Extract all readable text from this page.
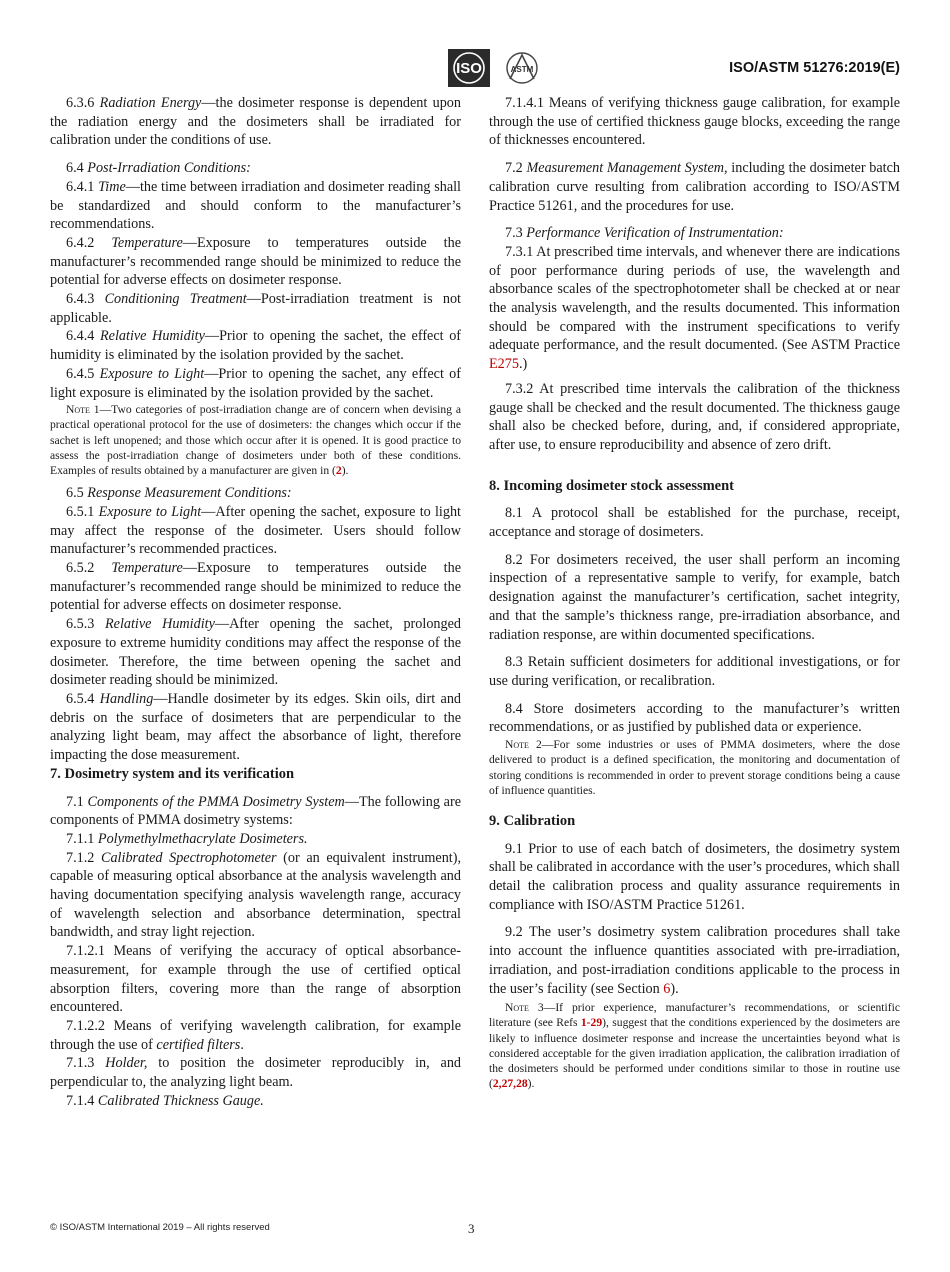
ISO	ASTM	ISO/ASTM 51276:2019(E)

6.3.6 Radiation Energy—the dosimeter response is dependent upon the radiation energy and the dosimeters shall be irradiated for calibration under the conditions of use.

6.4 Post-Irradiation Conditions:

6.4.1 Time—the time between irradiation and dosimeter reading shall be standardized and should conform to the manufacturer’s recommendations.

6.4.2 Temperature—Exposure to temperatures outside the manufacturer’s recommended range should be minimized to reduce the potential for adverse effects on dosimeter response.

6.4.3 Conditioning Treatment—Post-irradiation treatment is not applicable.

6.4.4 Relative Humidity—Prior to opening the sachet, the effect of humidity is eliminated by the isolation provided by the sachet.

6.4.5 Exposure to Light—Prior to opening the sachet, any effect of light exposure is eliminated by the isolation provided by the sachet.

Note 1—Two categories of post-irradiation change are of concern when devising a practical operational protocol for the use of dosimeters: the changes which occur if the sachet is left unopened; and those which occur after it is opened. It is good practice to assess the post-irradiation change of dosimeters under both of these conditions. Examples of results obtained by a manufacturer are given in (2).

6.5 Response Measurement Conditions:

6.5.1 Exposure to Light—After opening the sachet, exposure to light may affect the response of the dosimeter. Users should follow manufacturer’s recommended practices.

6.5.2 Temperature—Exposure to temperatures outside the manufacturer’s recommended range should be minimized to reduce the potential for adverse effects on dosimeter response.

6.5.3 Relative Humidity—After opening the sachet, prolonged exposure to extreme humidity conditions may affect the response of the dosimeter. Therefore, the time between opening the sachet and dosimeter reading should be minimized.

6.5.4 Handling—Handle dosimeter by its edges. Skin oils, dirt and debris on the surface of dosimeters that are perpendicular to the analyzing light beam, may affect the absorbance of light, therefore impacting the dose measurement.

7. Dosimetry system and its verification

7.1 Components of the PMMA Dosimetry System—The following are components of PMMA dosimetry systems:

7.1.1 Polymethylmethacrylate Dosimeters.

7.1.2 Calibrated Spectrophotometer (or an equivalent instrument), capable of measuring optical absorbance at the analysis wavelength and having documentation specifying analysis wavelength range, accuracy of wavelength selection and absorbance determination, spectral bandwidth, and stray light rejection.

7.1.2.1 Means of verifying the accuracy of optical absorbance-measurement, for example through the use of certified optical absorption filters, covering more than the range of absorption encountered.

7.1.2.2 Means of verifying wavelength calibration, for example through the use of certified filters.

7.1.3 Holder, to position the dosimeter reproducibly in, and perpendicular to, the analyzing light beam.

7.1.4 Calibrated Thickness Gauge.

7.1.4.1 Means of verifying thickness gauge calibration, for example through the use of certified thickness gauge blocks, exceeding the range of thicknesses encountered.

7.2 Measurement Management System, including the dosimeter batch calibration curve resulting from calibration according to ISO/ASTM Practice 51261, and the procedures for use.

7.3 Performance Verification of Instrumentation:

7.3.1 At prescribed time intervals, and whenever there are indications of poor performance during periods of use, the wavelength and absorbance scales of the spectrophotometer shall be checked at or near the analysis wavelength, and the results documented. This information should be compared with the instrument specifications to verify adequate performance, and the result documented. (See ASTM Practice E275.)

7.3.2 At prescribed time intervals the calibration of the thickness gauge shall be checked and the result documented. The thickness gauge shall also be checked before, during, and, if considered appropriate, after use, to ensure reproducibility and absence of zero drift.

8. Incoming dosimeter stock assessment

8.1 A protocol shall be established for the purchase, receipt, acceptance and storage of dosimeters.

8.2 For dosimeters received, the user shall perform an incoming inspection of a representative sample to verify, for example, batch designation against the manufacturer’s certification, sachet integrity, and that the sample’s thickness range, pre-irradiation absorbance, and radiation response, are within documented specifications.

8.3 Retain sufficient dosimeters for additional investigations, or for use during verification, or recalibration.

8.4 Store dosimeters according to the manufacturer’s written recommendations, or as justified by published data or experience.

Note 2—For some industries or uses of PMMA dosimeters, where the dose delivered to product is a defined specification, the monitoring and documentation of storing conditions is recommended in order to prevent storage conditions being a cause of influence quantities.

9. Calibration

9.1 Prior to use of each batch of dosimeters, the dosimetry system shall be calibrated in accordance with the user’s procedures, which shall detail the calibration process and quality assurance requirements in compliance with ISO/ASTM Practice 51261.

9.2 The user’s dosimetry system calibration procedures shall take into account the influence quantities associated with pre-irradiation, irradiation, and post-irradiation conditions applicable to the process in the user’s facility (see Section 6).

Note 3—If prior experience, manufacturer’s recommendations, or scientific literature (see Refs 1-29), suggest that the conditions experienced by the dosimeters are likely to influence dosimeter response and increase the uncertainties beyond what is considered acceptable for the given irradiation application, the calibration irradiation of the dosimeters should be performed under conditions similar to those in routine use (2,27,28).

© ISO/ASTM International 2019 – All rights reserved	3
